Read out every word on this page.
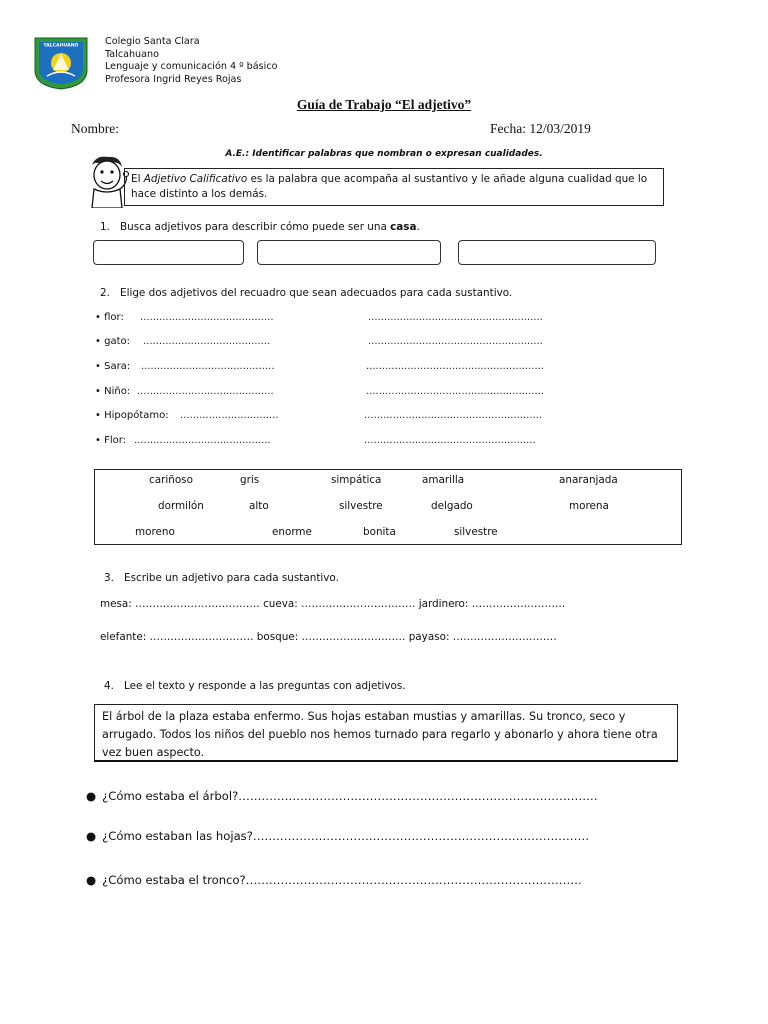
TALCAHUANO	Colegio Santa Clara
Talcahuano
Lenguaje y comunicación 4 º básico
Profesora Ingrid Reyes Rojas
Guía de Trabajo “El adjetivo”
Nombre:	Fecha: 12/03/2019
A.E.: Identificar palabras que nombran o expresan cualidades.
El Adjetivo Calificativo es la palabra que acompaña al sustantivo y le añade alguna cualidad que lo hace distinto a los demás.
1. Busca adjetivos para describir cómo puede ser una casa.
2. Elige dos adjetivos del recuadro que sean adecuados para cada sustantivo.
• flor: ..........................................	.......................................................
• gato: ........................................	.......................................................
• Sara: ..........................................	........................................................
• Niño: ...........................................	........................................................
• Hipopótamo: ...............................	........................................................
• Flor: ...........................................	......................................................
cariñoso	gris	simpática	amarilla	anaranjada
dormilón	alto	silvestre	delgado	morena
moreno	enorme	bonita	silvestre
3. Escribe un adjetivo para cada sustantivo.
mesa: ……………………………… cueva: …………………………… jardinero: ………………………
elefante: ………………………… bosque: ………………………… payaso: …………………………
4. Lee el texto y responde a las preguntas con adjetivos.
El árbol de la plaza estaba enfermo. Sus hojas estaban mustias y amarillas. Su tronco, seco y arrugado. Todos los niños del pueblo nos hemos turnado para regarlo y abonarlo y ahora tiene otra vez buen aspecto.
● ¿Cómo estaba el árbol?…………………………………………………………………………………
● ¿Cómo estaban las hojas?……………………………………………………………………………
● ¿Cómo estaba el tronco?……………………………………………………………………………
